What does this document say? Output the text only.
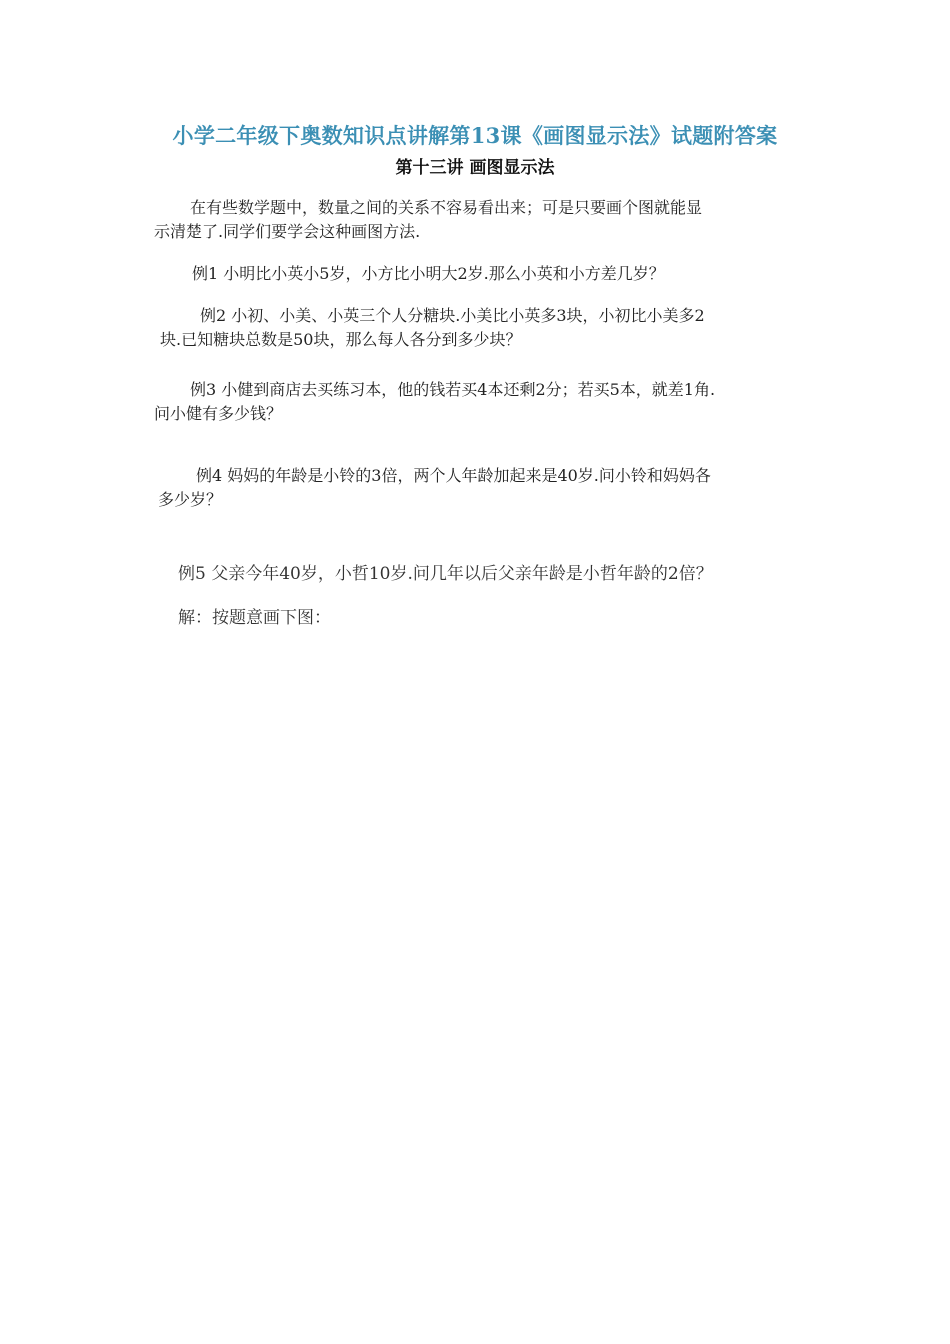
小学二年级下奥数知识点讲解第13课《画图显示法》试题附答案
第十三讲 画图显示法

在有些数学题中，数量之间的关系不容易看出来；可是只要画个图就能显

示清楚了.同学们要学会这种画图方法.

例1 小明比小英小5岁，小方比小明大2岁.那么小英和小方差几岁？

例2 小初、小美、小英三个人分糖块.小美比小英多3块，小初比小美多2

块.已知糖块总数是50块，那么每人各分到多少块？

例3 小健到商店去买练习本，他的钱若买4本还剩2分；若买5本，就差1角.

问小健有多少钱？

例4 妈妈的年龄是小铃的3倍，两个人年龄加起来是40岁.问小铃和妈妈各

多少岁？

例5 父亲今年40岁，小哲10岁.问几年以后父亲年龄是小哲年龄的2倍？

解：按题意画下图：
